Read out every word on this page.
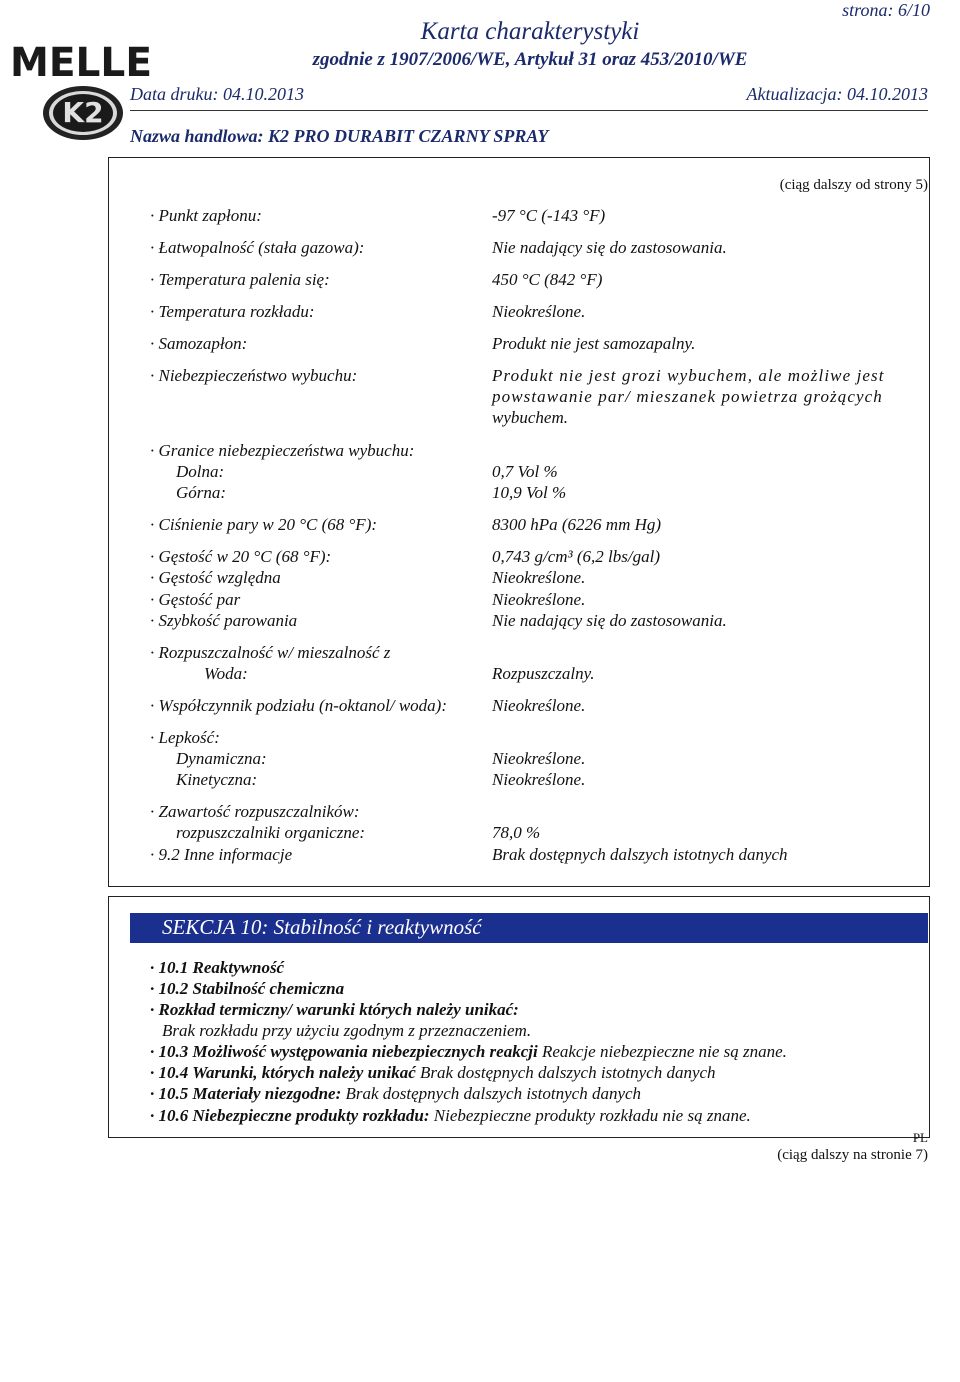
strona: 6/10
Karta charakterystyki
zgodnie z 1907/2006/WE, Artykuł 31 oraz 453/2010/WE
MELLE
K2
Data druku: 04.10.2013	Aktualizacja: 04.10.2013
Nazwa handlowa: K2 PRO DURABIT CZARNY SPRAY
(ciąg dalszy od strony 5)
· Punkt zapłonu:	-97 °C (-143 °F)
· Łatwopalność (stała gazowa):	Nie nadający się do zastosowania.
· Temperatura palenia się:	450 °C (842 °F)
· Temperatura rozkładu:	Nieokreślone.
· Samozapłon:	Produkt nie jest samozapalny.
· Niebezpieczeństwo wybuchu:	Produkt nie jest grozi wybuchem, ale możliwe jest
powstawanie par/ mieszanek powietrza grożących
wybuchem.
· Granice niebezpieczeństwa wybuchu:
Dolna:	0,7 Vol %
Górna:	10,9 Vol %
· Ciśnienie pary w 20 °C (68 °F):	8300 hPa (6226 mm Hg)
· Gęstość w 20 °C (68 °F):	0,743 g/cm³ (6,2 lbs/gal)
· Gęstość względna	Nieokreślone.
· Gęstość par	Nieokreślone.
· Szybkość parowania	Nie nadający się do zastosowania.
· Rozpuszczalność w/ mieszalność z
Woda:	Rozpuszczalny.
· Współczynnik podziału (n-oktanol/ woda):	Nieokreślone.
· Lepkość:
Dynamiczna:	Nieokreślone.
Kinetyczna:	Nieokreślone.
· Zawartość rozpuszczalników:
rozpuszczalniki organiczne:	78,0 %
· 9.2 Inne informacje	Brak dostępnych dalszych istotnych danych
SEKCJA 10: Stabilność i reaktywność
· 10.1 Reaktywność
· 10.2 Stabilność chemiczna
· Rozkład termiczny/ warunki których należy unikać:
Brak rozkładu przy użyciu zgodnym z przeznaczeniem.
· 10.3 Możliwość występowania niebezpiecznych reakcji Reakcje niebezpieczne nie są znane.
· 10.4 Warunki, których należy unikać Brak dostępnych dalszych istotnych danych
· 10.5 Materiały niezgodne: Brak dostępnych dalszych istotnych danych
· 10.6 Niebezpieczne produkty rozkładu: Niebezpieczne produkty rozkładu nie są znane.
PL
(ciąg dalszy na stronie 7)
